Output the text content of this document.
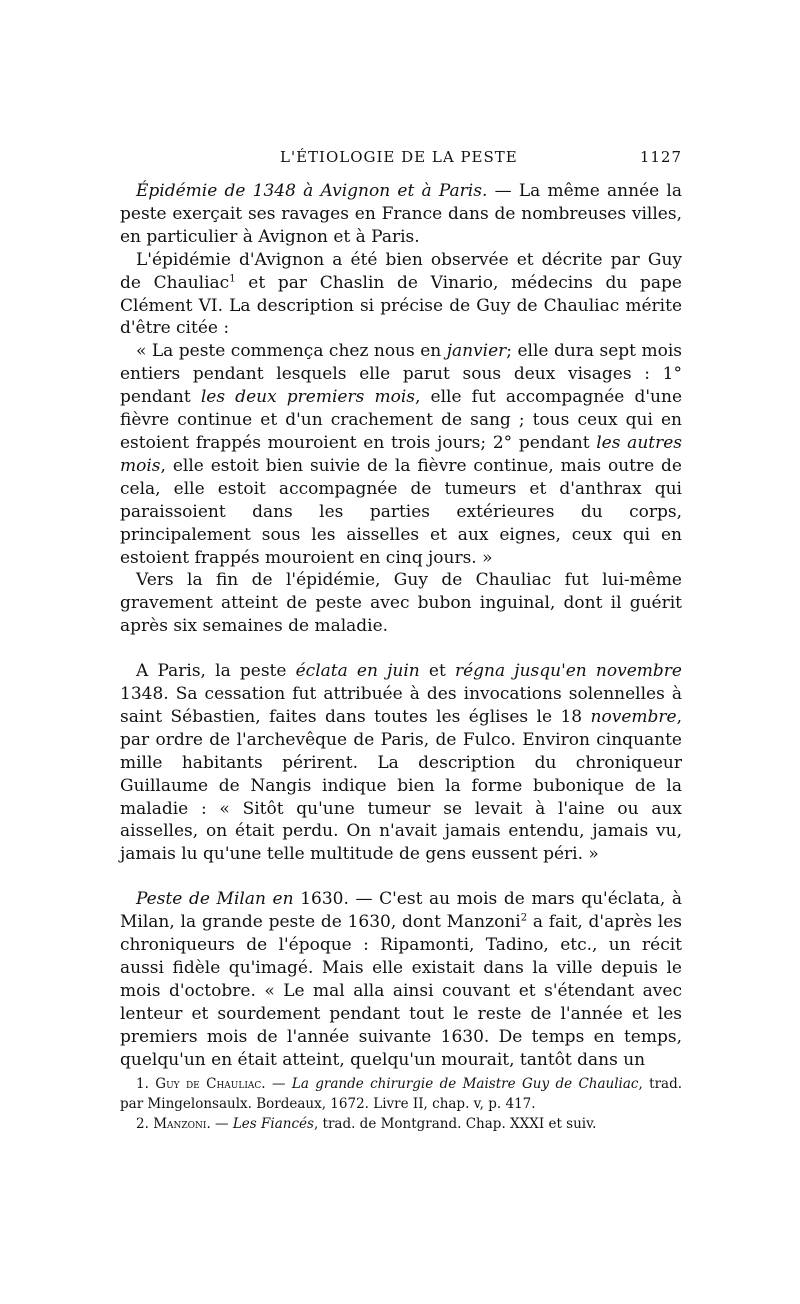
L'ÉTIOLOGIE DE LA PESTE	1127

Épidémie de 1348 à Avignon et à Paris. — La même année la peste exerçait ses ravages en France dans de nombreuses villes, en particulier à Avignon et à Paris.

L'épidémie d'Avignon a été bien observée et décrite par Guy de Chauliac$^1$ et par Chaslin de Vinario, médecins du pape Clément VI. La description si précise de Guy de Chauliac mérite d'être citée :

« La peste commença chez nous en janvier; elle dura sept mois entiers pendant lesquels elle parut sous deux visages : 1° pendant les deux premiers mois, elle fut accompagnée d'une fièvre continue et d'un crachement de sang ; tous ceux qui en estoient frappés mouroient en trois jours; 2° pendant les autres mois, elle estoit bien suivie de la fièvre continue, mais outre de cela, elle estoit accompagnée de tumeurs et d'anthrax qui paraissoient dans les parties extérieures du corps, principalement sous les aisselles et aux eignes, ceux qui en estoient frappés mouroient en cinq jours. »

Vers la fin de l'épidémie, Guy de Chauliac fut lui-même gravement atteint de peste avec bubon inguinal, dont il guérit après six semaines de maladie.

A Paris, la peste éclata en juin et régna jusqu'en novembre 1348. Sa cessation fut attribuée à des invocations solennelles à saint Sébastien, faites dans toutes les églises le 18 novembre, par ordre de l'archevêque de Paris, de Fulco. Environ cinquante mille habitants périrent. La description du chroniqueur Guillaume de Nangis indique bien la forme bubonique de la maladie : « Sitôt qu'une tumeur se levait à l'aine ou aux aisselles, on était perdu. On n'avait jamais entendu, jamais vu, jamais lu qu'une telle multitude de gens eussent péri. »

Peste de Milan en 1630. — C'est au mois de mars qu'éclata, à Milan, la grande peste de 1630, dont Manzoni$^2$ a fait, d'après les chroniqueurs de l'époque : Ripamonti, Tadino, etc., un récit aussi fidèle qu'imagé. Mais elle existait dans la ville depuis le mois d'octobre. « Le mal alla ainsi couvant et s'étendant avec lenteur et sourdement pendant tout le reste de l'année et les premiers mois de l'année suivante 1630. De temps en temps, quelqu'un en était atteint, quelqu'un mourait, tantôt dans un

1. Guy de Chauliac. — La grande chirurgie de Maistre Guy de Chauliac, trad. par Mingelonsaulx. Bordeaux, 1672. Livre II, chap. v, p. 417.

2. Manzoni. — Les Fiancés, trad. de Montgrand. Chap. XXXI et suiv.
